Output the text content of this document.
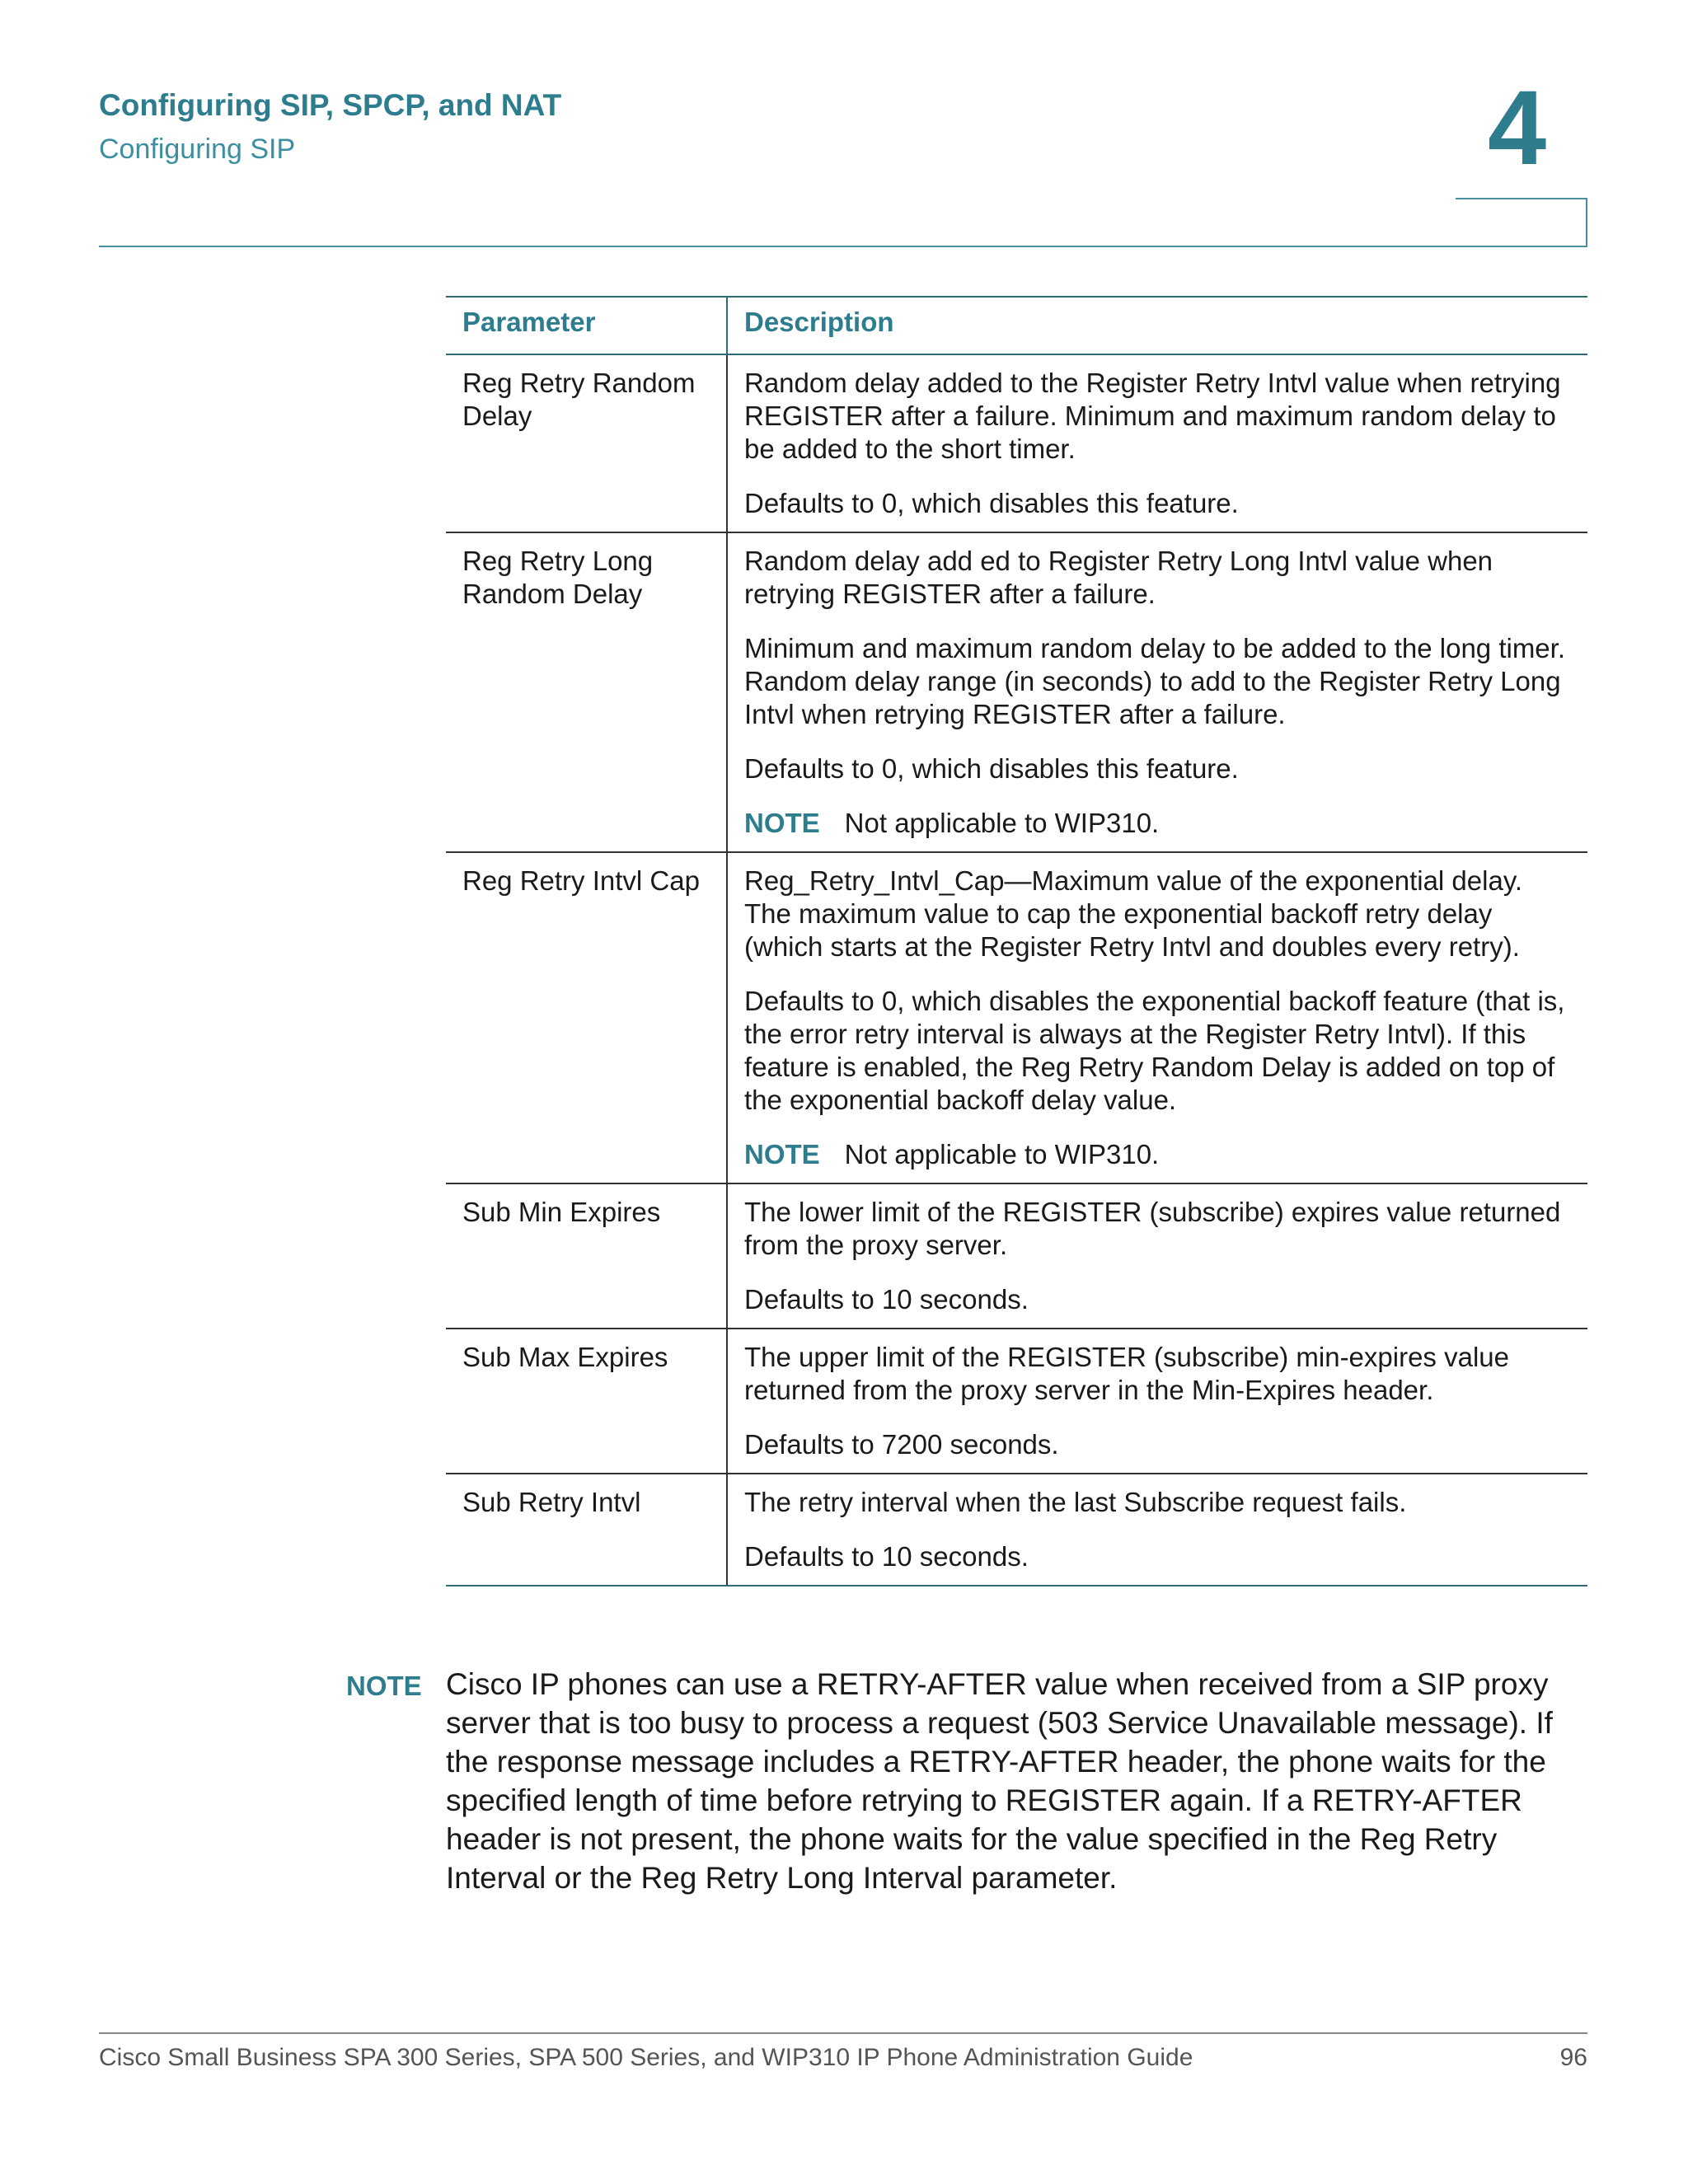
Configuring SIP, SPCP, and NAT
Configuring SIP	4
Parameter	Description
Reg Retry Random Delay	Random delay added to the Register Retry Intvl value when retrying REGISTER after a failure. Minimum and maximum random delay to be added to the short timer.

Defaults to 0, which disables this feature.

Reg Retry Long Random Delay	Random delay add ed to Register Retry Long Intvl value when retrying REGISTER after a failure.

Minimum and maximum random delay to be added to the long timer. Random delay range (in seconds) to add to the Register Retry Long Intvl when retrying REGISTER after a failure.

Defaults to 0, which disables this feature.

NOTE Not applicable to WIP310.

Reg Retry Intvl Cap	Reg_Retry_Intvl_Cap—Maximum value of the exponential delay. The maximum value to cap the exponential backoff retry delay (which starts at the Register Retry Intvl and doubles every retry).

Defaults to 0, which disables the exponential backoff feature (that is, the error retry interval is always at the Register Retry Intvl). If this feature is enabled, the Reg Retry Random Delay is added on top of the exponential backoff delay value.

NOTE Not applicable to WIP310.

Sub Min Expires	The lower limit of the REGISTER (subscribe) expires value returned from the proxy server.

Defaults to 10 seconds.

Sub Max Expires	The upper limit of the REGISTER (subscribe) min-expires value returned from the proxy server in the Min-Expires header.

Defaults to 7200 seconds.

Sub Retry Intvl	The retry interval when the last Subscribe request fails.

Defaults to 10 seconds.

NOTE Cisco IP phones can use a RETRY-AFTER value when received from a SIP proxy server that is too busy to process a request (503 Service Unavailable message). If the response message includes a RETRY-AFTER header, the phone waits for the specified length of time before retrying to REGISTER again. If a RETRY-AFTER header is not present, the phone waits for the value specified in the Reg Retry Interval or the Reg Retry Long Interval parameter.
Cisco Small Business SPA 300 Series, SPA 500 Series, and WIP310 IP Phone Administration Guide	96
